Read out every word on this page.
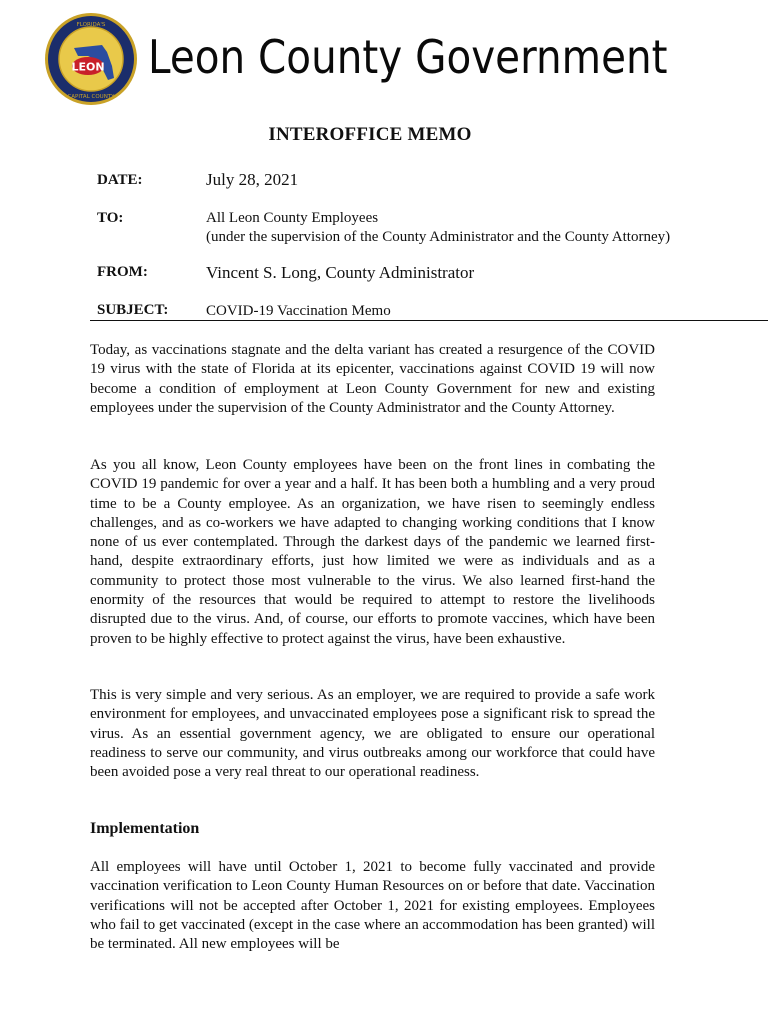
LEON
FLORIDA'S
CAPITAL COUNTY
Leon County Government
INTEROFFICE MEMO
DATE:	July 28, 2021
TO:	All Leon County Employees
(under the supervision of the County Administrator and the County Attorney)
FROM:	Vincent S. Long, County Administrator
SUBJECT:	COVID-19 Vaccination Memo

Today, as vaccinations stagnate and the delta variant has created a resurgence of the COVID 19 virus with the state of Florida at its epicenter, vaccinations against COVID 19 will now become a condition of employment at Leon County Government for new and existing employees under the supervision of the County Administrator and the County Attorney.

As you all know, Leon County employees have been on the front lines in combating the COVID 19 pandemic for over a year and a half. It has been both a humbling and a very proud time to be a County employee. As an organization, we have risen to seemingly endless challenges, and as co-workers we have adapted to changing working conditions that I know none of us ever contemplated. Through the darkest days of the pandemic we learned first-hand, despite extraordinary efforts, just how limited we were as individuals and as a community to protect those most vulnerable to the virus. We also learned first-hand the enormity of the resources that would be required to attempt to restore the livelihoods disrupted due to the virus. And, of course, our efforts to promote vaccines, which have been proven to be highly effective to protect against the virus, have been exhaustive.

This is very simple and very serious. As an employer, we are required to provide a safe work environment for employees, and unvaccinated employees pose a significant risk to spread the virus. As an essential government agency, we are obligated to ensure our operational readiness to serve our community, and virus outbreaks among our workforce that could have been avoided pose a very real threat to our operational readiness.

Implementation

All employees will have until October 1, 2021 to become fully vaccinated and provide vaccination verification to Leon County Human Resources on or before that date. Vaccination verifications will not be accepted after October 1, 2021 for existing employees. Employees who fail to get vaccinated (except in the case where an accommodation has been granted) will be terminated. All new employees will be
